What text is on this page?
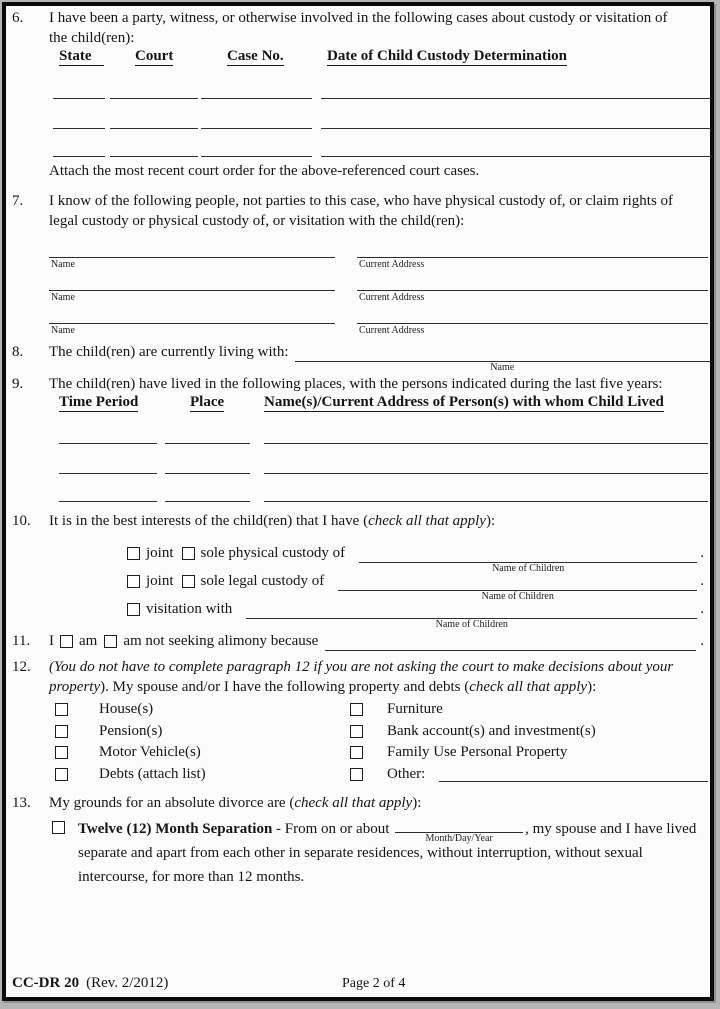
6.	I have been a party, witness, or otherwise involved in the following cases about custody or visitation of the child(ren):
State	Court	Case No.	Date of Child Custody Determination
Attach the most recent court order for the above-referenced court cases.
7.	I know of the following people, not parties to this case, who have physical custody of, or claim rights of legal custody or physical custody of, or visitation with the child(ren):
Name	Current Address
Name	Current Address
Name	Current Address
8.	The child(ren) are currently living with:
Name
9.	The child(ren) have lived in the following places, with the persons indicated during the last five years:
Time Period	Place	Name(s)/Current Address of Person(s) with whom Child Lived
10.	It is in the best interests of the child(ren) that I have (check all that apply):
joint sole physical custody of
Name of Children
.
joint sole legal custody of
Name of Children
.
visitation with
Name of Children
.
11.	I am am not seeking alimony because	.
12.	(You do not have to complete paragraph 12 if you are not asking the court to make decisions about your property). My spouse and/or I have the following property and debts (check all that apply):
House(s)	Furniture
Pension(s)	Bank account(s) and investment(s)
Motor Vehicle(s)	Family Use Personal Property
Debts (attach list)	Other:
13.	My grounds for an absolute divorce are (check all that apply):
Twelve (12) Month Separation - From on or about
Month/Day/Year
, my spouse and I have lived separate and apart from each other in separate residences, without interruption, without sexual intercourse, for more than 12 months.
CC-DR 20 (Rev. 2/2012)	Page 2 of 4
